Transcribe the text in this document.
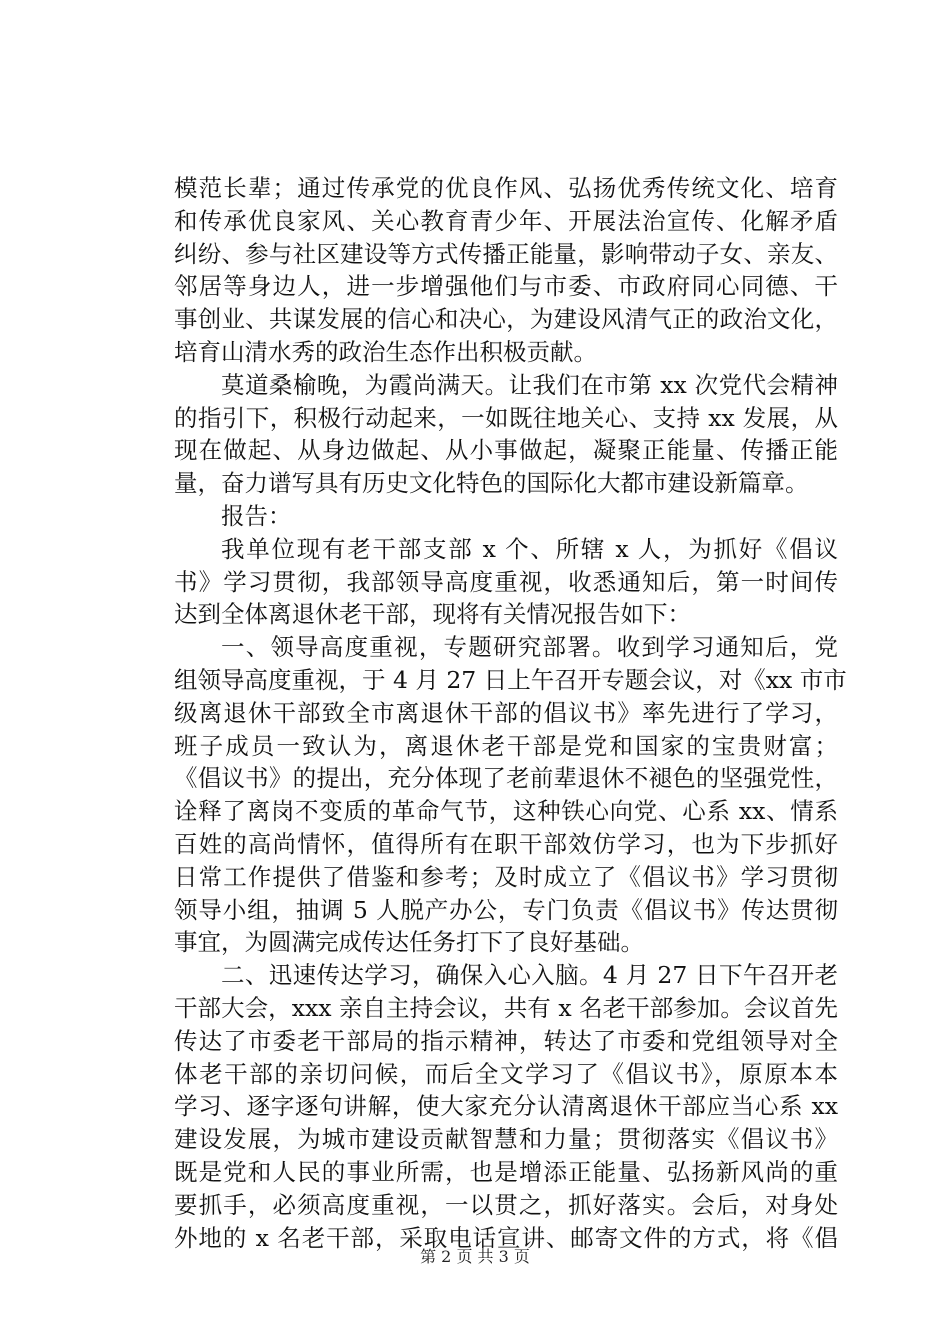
模范长辈；通过传承党的优良作风、弘扬优秀传统文化、培育
和传承优良家风、关心教育青少年、开展法治宣传、化解矛盾
纠纷、参与社区建设等方式传播正能量，影响带动子女、亲友、
邻居等身边人，进一步增强他们与市委、市政府同心同德、干
事创业、共谋发展的信心和决心，为建设风清气正的政治文化，
培育山清水秀的政治生态作出积极贡献。
莫道桑榆晚，为霞尚满天。让我们在市第 xx 次党代会精神
的指引下，积极行动起来，一如既往地关心、支持 xx 发展，从
现在做起、从身边做起、从小事做起，凝聚正能量、传播正能
量，奋力谱写具有历史文化特色的国际化大都市建设新篇章。
报告：
我单位现有老干部支部 x 个、所辖 x 人，为抓好《倡议
书》学习贯彻，我部领导高度重视，收悉通知后，第一时间传
达到全体离退休老干部，现将有关情况报告如下：
一、领导高度重视，专题研究部署。收到学习通知后，党
组领导高度重视，于 4 月 27 日上午召开专题会议，对《xx 市市
级离退休干部致全市离退休干部的倡议书》率先进行了学习，
班子成员一致认为，离退休老干部是党和国家的宝贵财富；
《倡议书》的提出，充分体现了老前辈退休不褪色的坚强党性，
诠释了离岗不变质的革命气节，这种铁心向党、心系 xx、情系
百姓的高尚情怀，值得所有在职干部效仿学习，也为下步抓好
日常工作提供了借鉴和参考；及时成立了《倡议书》学习贯彻
领导小组，抽调 5 人脱产办公，专门负责《倡议书》传达贯彻
事宜，为圆满完成传达任务打下了良好基础。
二、迅速传达学习，确保入心入脑。4 月 27 日下午召开老
干部大会，xxx 亲自主持会议，共有 x 名老干部参加。会议首先
传达了市委老干部局的指示精神，转达了市委和党组领导对全
体老干部的亲切问候，而后全文学习了《倡议书》，原原本本
学习、逐字逐句讲解，使大家充分认清离退休干部应当心系 xx
建设发展，为城市建设贡献智慧和力量；贯彻落实《倡议书》
既是党和人民的事业所需，也是增添正能量、弘扬新风尚的重
要抓手，必须高度重视，一以贯之，抓好落实。会后，对身处
外地的 x 名老干部，采取电话宣讲、邮寄文件的方式，将《倡
第 2 页 共 3 页
